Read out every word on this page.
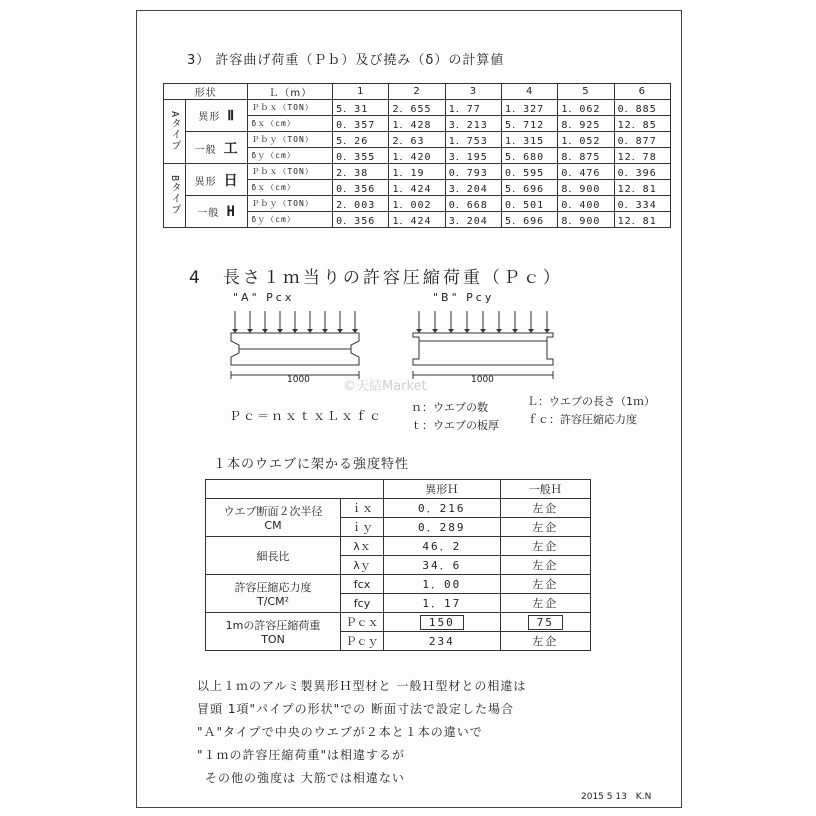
3） 許容曲げ荷重（Ｐｂ）及び撓み（δ）の計算値
形状		Ｌ（m）	1	2	3	4	5	6
Aタイプ	異形 Ⅱ	Ｐｂｘ（TON）	5．31	2．655	1．77	1．327	1．062	0．885
		δｘ（cm）	0．357	1．428	3．213	5．712	8．925	12．85
	一般 工	Ｐｂｙ（TON）	5．26	2．63	1．753	1．315	1．052	0．877
		δｙ（cm）	0．355	1．420	3．195	5．680	8．875	12．78
Bタイプ	異形 日	Ｐｂｘ（TON）	2．38	1．19	0．793	0．595	0．476	0．396
		δｘ（cm）	0．356	1．424	3．204	5．696	8．900	12．81
	一般 H	Ｐｂｙ（TON）	2．003	1．002	0．668	0．501	0．400	0．334
		δｙ（cm）	0．356	1．424	3．204	5．696	8．900	12．81
4　長さ１ｍ当りの許容圧縮荷重（Ｐｃ）
"A" Pcx	"B" Pcy
1000	1000
©天結Market
Ｐｃ＝ｎｘｔｘＬｘｆｃ
ｎ：ウエブの数
ｔ：ウエブの板厚
Ｌ：ウエブの長さ（1ｍ）
ｆｃ：許容圧縮応力度
１本のウエブに架かる強度特性
		異形Ｈ	一般Ｈ
ウエブ断面２次半径
CM	ｉｘ	0．216	左企
	ｉｙ	0．289	左企
細長比	λｘ	46．2	左企
	λｙ	34．6	左企
許容圧縮応力度
T/CM²	fcx	1．00	左企
	fcy	1．17	左企
1mの許容圧縮荷重
TON	Ｐｃｘ	150	75
	Ｐｃｙ	234	左企
以上１ｍのアルミ製異形Ｈ型材と 一般Ｈ型材との相違は
冒頭 1項"パイプの形状"での 断面寸法で設定した場合
"Ａ"タイプで中央のウエブが２本と１本の違いで
"１ｍの許容圧縮荷重"は相違するが
その他の強度は 大筋では相違ない
2015 5 13　K.N
